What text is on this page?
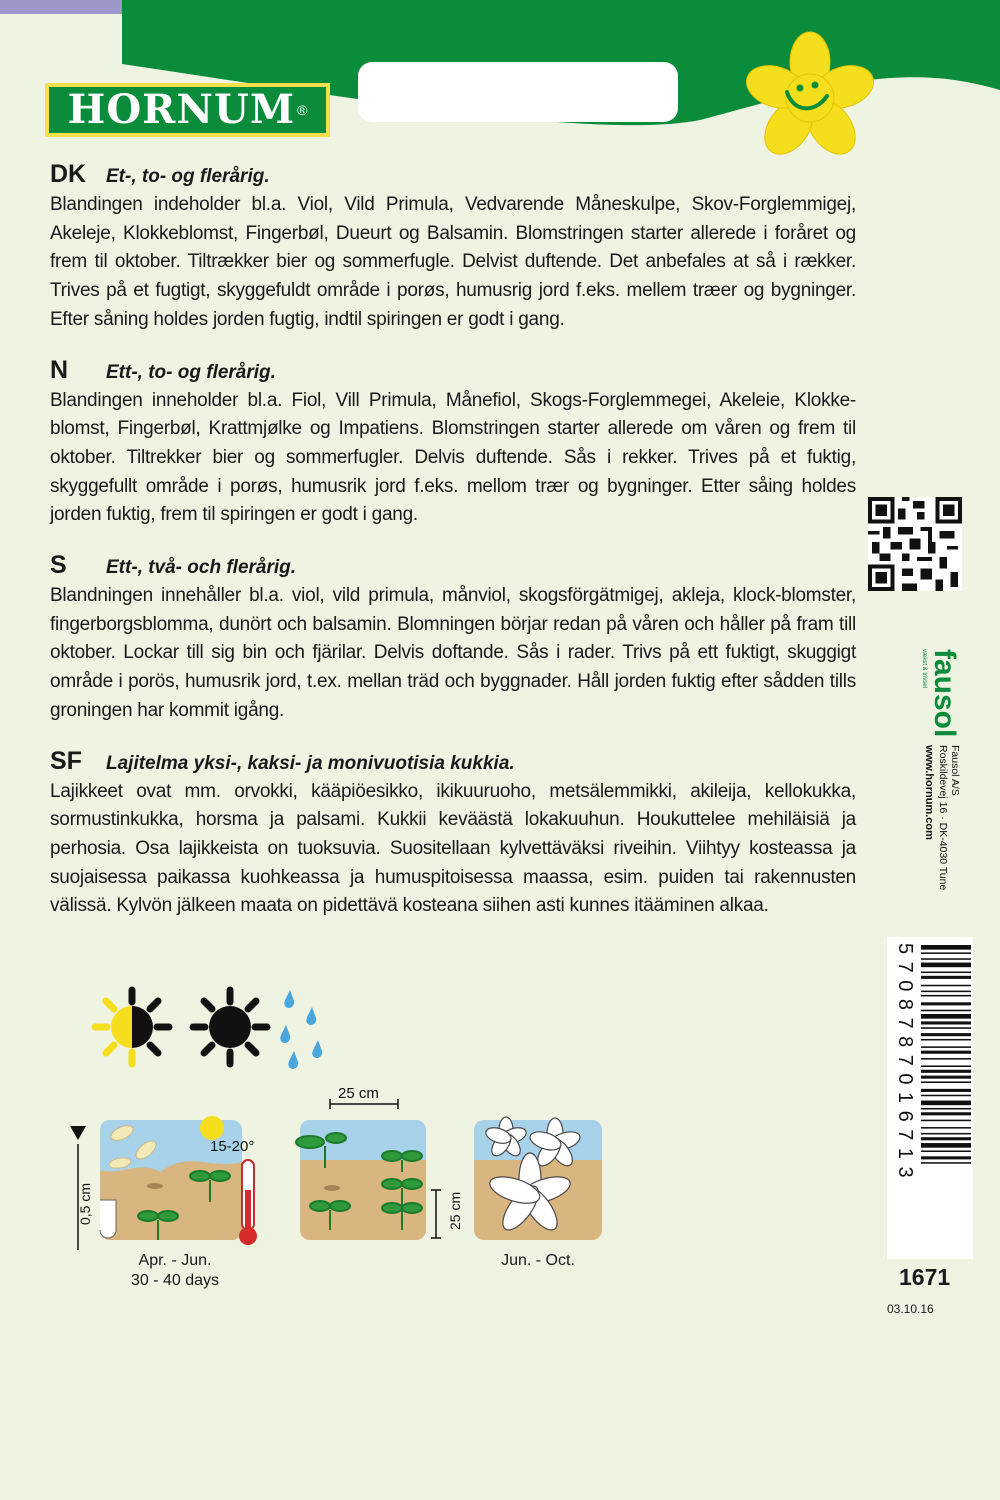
HORNUM ®
DK	Et-, to- og flerårig.
Blandingen indeholder bl.a. Viol, Vild Primula, Vedvarende Måneskulpe, Skov-Forglemmigej, Akeleje, Klokkeblomst, Fingerbøl, Dueurt og Balsamin. Blomstringen starter allerede i foråret og frem til oktober. Tiltrækker bier og sommerfugle. Delvist duftende. Det anbefales at så i rækker. Trives på et fugtigt, skyggefuldt område i porøs, humusrig jord f.eks. mellem træer og bygninger. Efter såning holdes jorden fugtig, indtil spiringen er godt i gang.
N	Ett-, to- og flerårig.
Blandingen inneholder bl.a. Fiol, Vill Primula, Månefiol, Skogs-Forglemmegei, Akeleie, Klokke-blomst, Fingerbøl, Krattmjølke og Impatiens. Blomstringen starter allerede om våren og frem til oktober. Tiltrekker bier og sommerfugler. Delvis duftende. Sås i rekker. Trives på et fuktig, skyggefullt område i porøs, humusrik jord f.eks. mellom trær og bygninger. Etter såing holdes jorden fuktig, frem til spiringen er godt i gang.
S	Ett-, två- och flerårig.
Blandningen innehåller bl.a. viol, vild primula, månviol, skogsförgätmigej, akleja, klock-blomster, fingerborgsblomma, dunört och balsamin. Blomningen börjar redan på våren och håller på fram till oktober. Lockar till sig bin och fjärilar. Delvis doftande. Sås i rader. Trivs på ett fuktigt, skuggigt område i porös, humusrik jord, t.ex. mellan träd och byggnader. Håll jorden fuktig efter sådden tills groningen har kommit igång.
SF	Lajitelma yksi-, kaksi- ja monivuotisia kukkia.
Lajikkeet ovat mm. orvokki, kääpiöesikko, ikikuuruoho, metsälemmikki, akileija, kellokukka, sormustinkukka, horsma ja palsami. Kukkii keväästä lokakuuhun. Houkuttelee mehiläisiä ja perhosia. Osa lajikkeista on tuoksuvia. Suositellaan kylvettäväksi riveihin. Viihtyy kosteassa ja suojaisessa paikassa kuohkeassa ja humuspitoisessa maassa, esim. puiden tai rakennusten välissä. Kylvön jälkeen maata on pidettävä kosteana siihen asti kunnes itääminen alkaa.
fausol
vækst & trivsel
Fausol A/S
Roskildevej 16 · DK-4030 Tune
www.hornum.com
5708787016713
1671
03.10.16
0,5 cm
15-20°
25 cm
25 cm
Apr. - Jun.
30 - 40 days
Jun. - Oct.
